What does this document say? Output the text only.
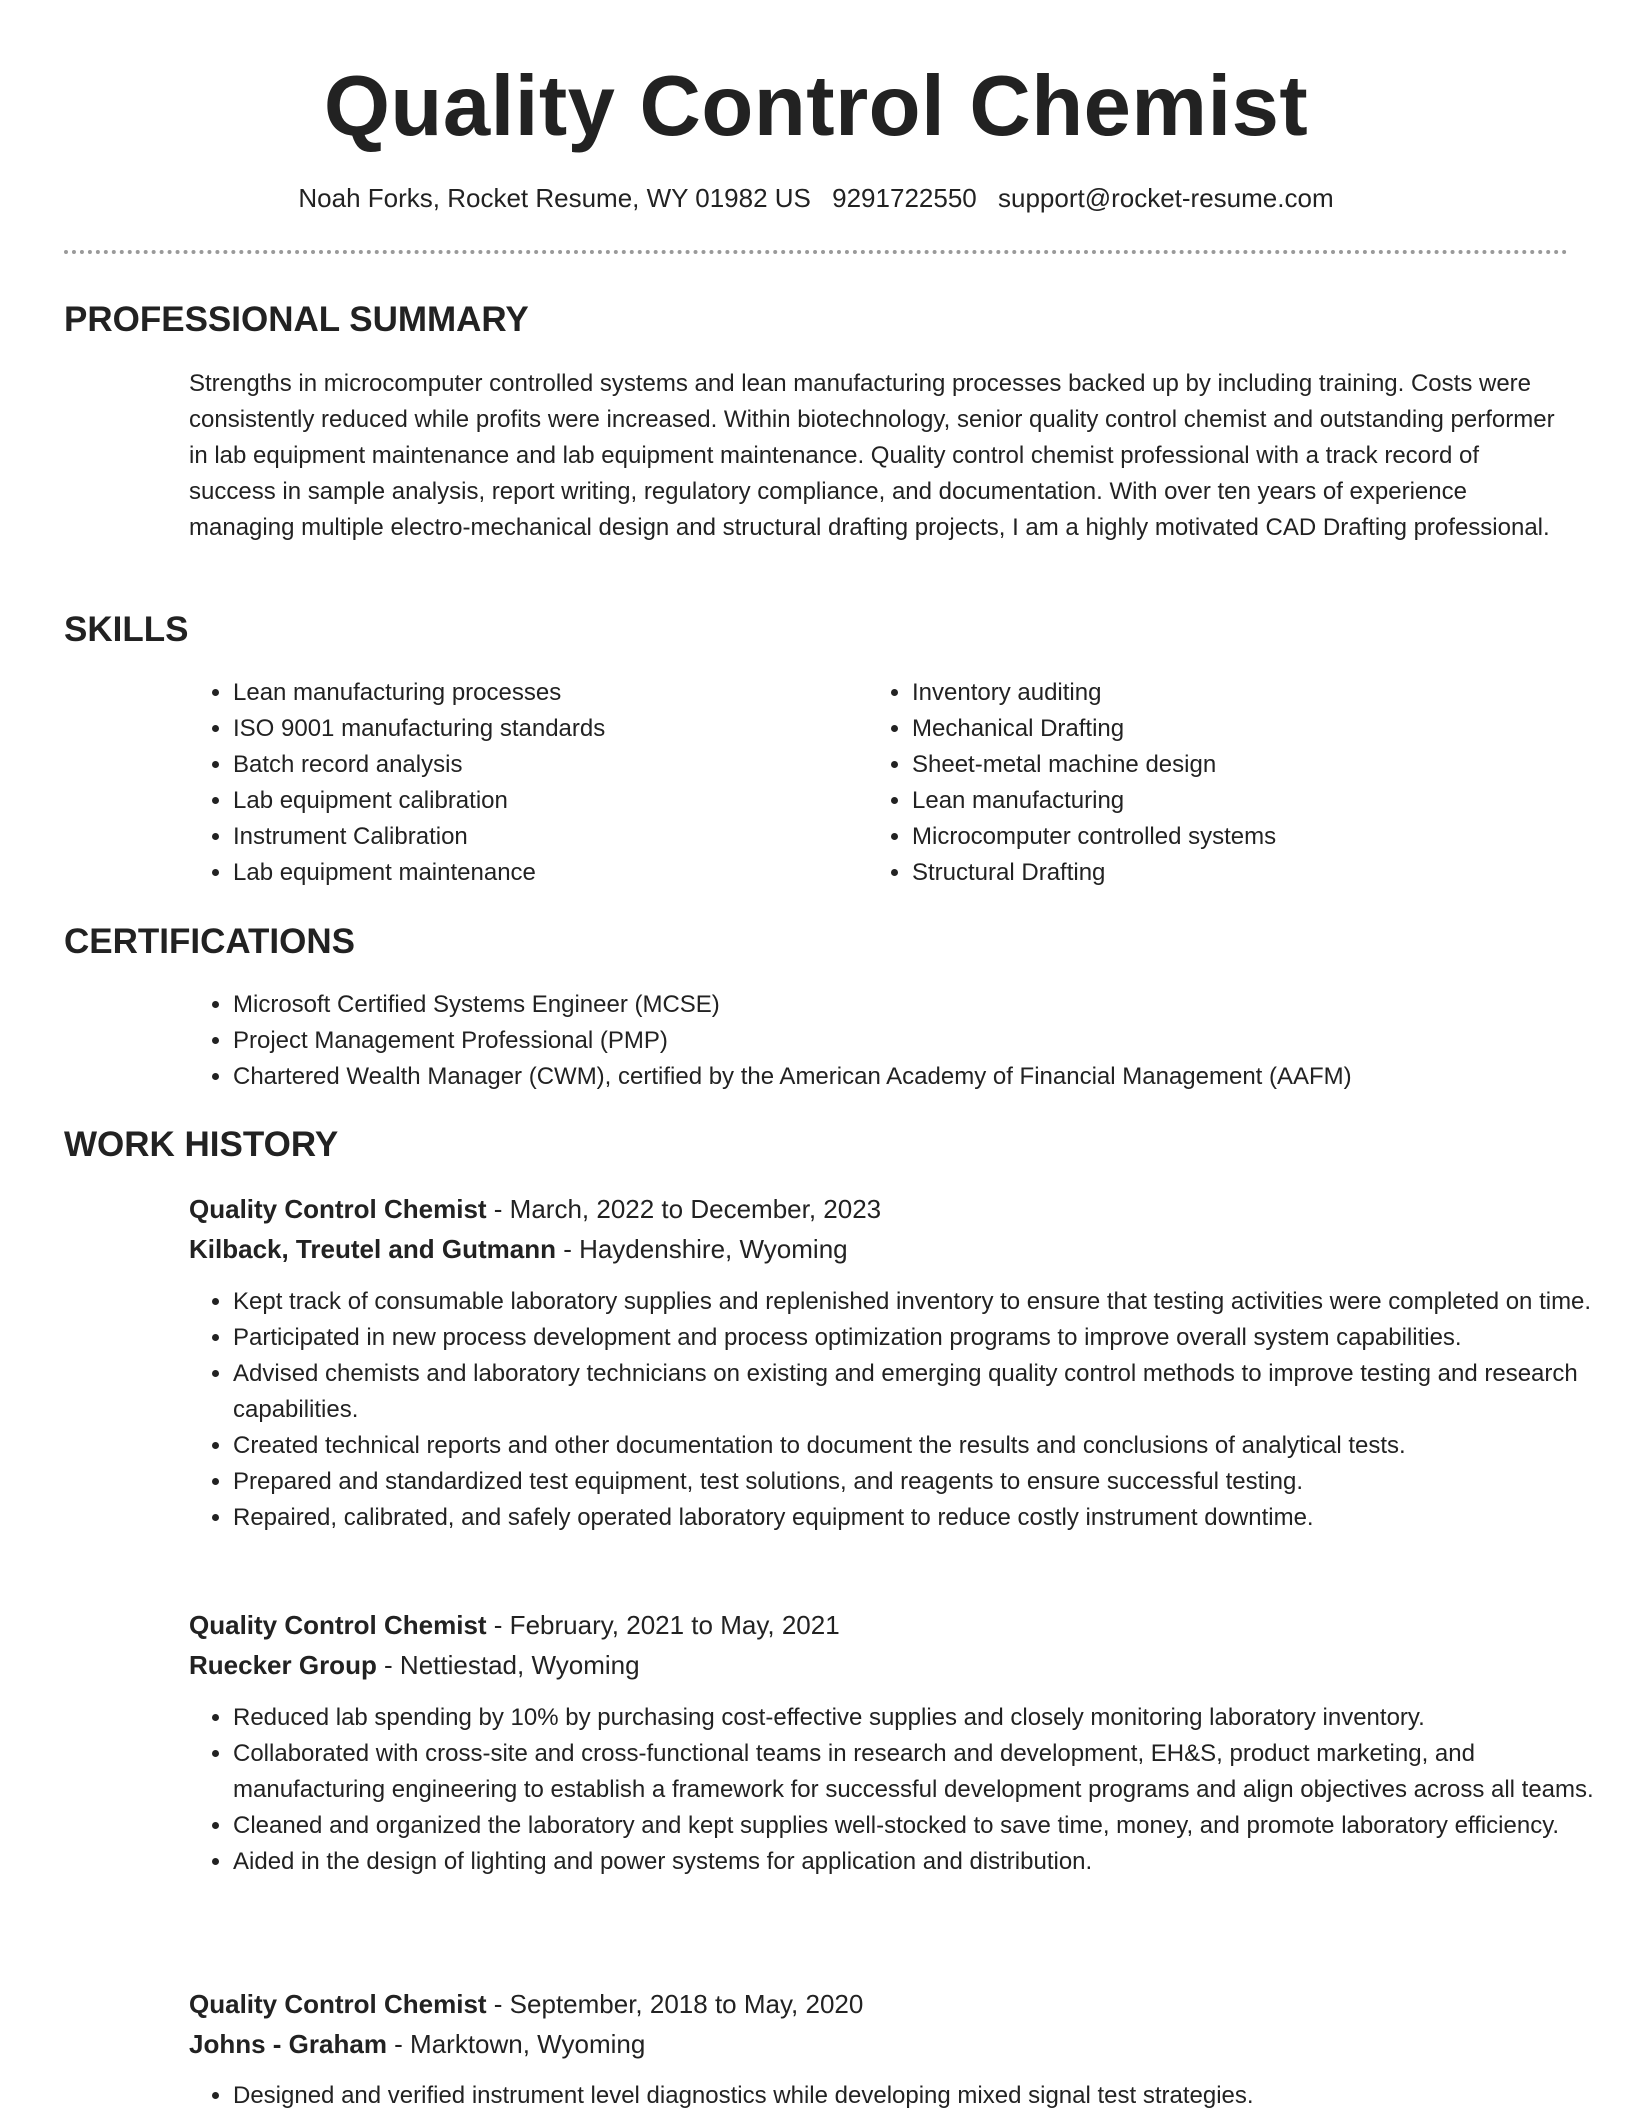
Quality Control Chemist
Noah Forks, Rocket Resume, WY 01982 US 9291722550 support@rocket-resume.com
PROFESSIONAL SUMMARY

Strengths in microcomputer controlled systems and lean manufacturing processes backed up by including training. Costs were consistently reduced while profits were increased. Within biotechnology, senior quality control chemist and outstanding performer in lab equipment maintenance and lab equipment maintenance. Quality control chemist professional with a track record of success in sample analysis, report writing, regulatory compliance, and documentation. With over ten years of experience managing multiple electro-mechanical design and structural drafting projects, I am a highly motivated CAD Drafting professional.

SKILLS
• Lean manufacturing processes
• ISO 9001 manufacturing standards
• Batch record analysis
• Lab equipment calibration
• Instrument Calibration
• Lab equipment maintenance
• Inventory auditing
• Mechanical Drafting
• Sheet-metal machine design
• Lean manufacturing
• Microcomputer controlled systems
• Structural Drafting
CERTIFICATIONS
• Microsoft Certified Systems Engineer (MCSE)
• Project Management Professional (PMP)
• Chartered Wealth Manager (CWM), certified by the American Academy of Financial Management (AAFM)
WORK HISTORY
Quality Control Chemist - March, 2022 to December, 2023
Kilback, Treutel and Gutmann - Haydenshire, Wyoming
• Kept track of consumable laboratory supplies and replenished inventory to ensure that testing activities were completed on time.
• Participated in new process development and process optimization programs to improve overall system capabilities.
• Advised chemists and laboratory technicians on existing and emerging quality control methods to improve testing and research capabilities.
• Created technical reports and other documentation to document the results and conclusions of analytical tests.
• Prepared and standardized test equipment, test solutions, and reagents to ensure successful testing.
• Repaired, calibrated, and safely operated laboratory equipment to reduce costly instrument downtime.
Quality Control Chemist - February, 2021 to May, 2021
Ruecker Group - Nettiestad, Wyoming
• Reduced lab spending by 10% by purchasing cost-effective supplies and closely monitoring laboratory inventory.
• Collaborated with cross-site and cross-functional teams in research and development, EH&S, product marketing, and manufacturing engineering to establish a framework for successful development programs and align objectives across all teams.
• Cleaned and organized the laboratory and kept supplies well-stocked to save time, money, and promote laboratory efficiency.
• Aided in the design of lighting and power systems for application and distribution.
Quality Control Chemist - September, 2018 to May, 2020
Johns - Graham - Marktown, Wyoming
• Designed and verified instrument level diagnostics while developing mixed signal test strategies.
